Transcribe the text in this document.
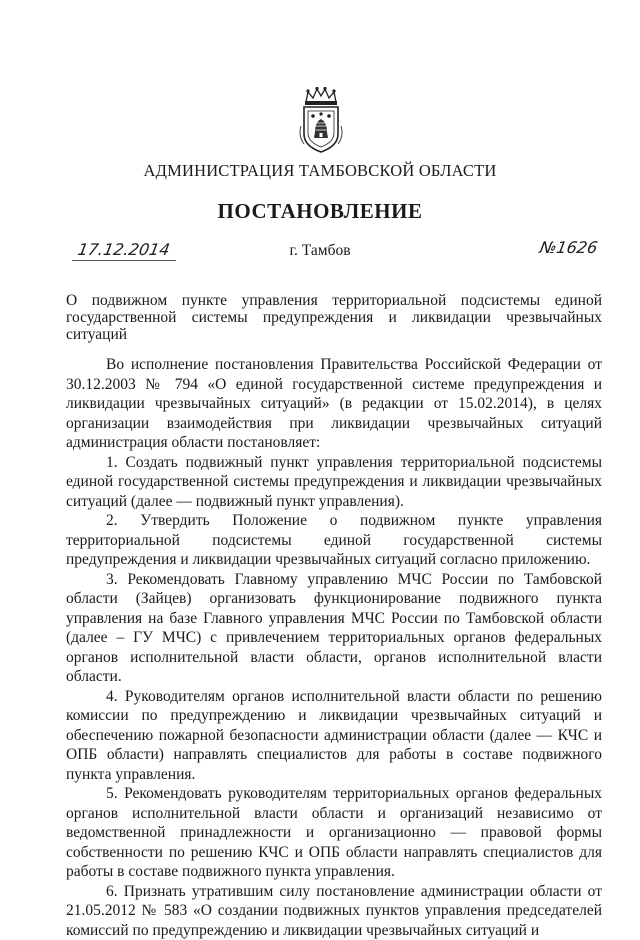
АДМИНИСТРАЦИЯ ТАМБОВСКОЙ ОБЛАСТИ
ПОСТАНОВЛЕНИЕ
17.12.2014	г. Тамбов	№1626
О подвижном пункте управления территориальной подсистемы единой государственной системы предупреждения и ликвидации чрезвычайных ситуаций

Во исполнение постановления Правительства Российской Федерации от 30.12.2003 № 794 «О единой государственной системе предупреждения и ликвидации чрезвычайных ситуаций» (в редакции от 15.02.2014), в целях организации взаимодействия при ликвидации чрезвычайных ситуаций администрация области постановляет:

1. Создать подвижный пункт управления территориальной подсистемы единой государственной системы предупреждения и ликвидации чрезвычайных ситуаций (далее — подвижный пункт управления).

2. Утвердить Положение о подвижном пункте управления территориальной подсистемы единой государственной системы предупреждения и ликвидации чрезвычайных ситуаций согласно приложению.

3. Рекомендовать Главному управлению МЧС России по Тамбовской области (Зайцев) организовать функционирование подвижного пункта управления на базе Главного управления МЧС России по Тамбовской области (далее – ГУ МЧС) с привлечением территориальных органов федеральных органов исполнительной власти области, органов исполнительной власти области.

4. Руководителям органов исполнительной власти области по решению комиссии по предупреждению и ликвидации чрезвычайных ситуаций и обеспечению пожарной безопасности администрации области (далее — КЧС и ОПБ области) направлять специалистов для работы в составе подвижного пункта управления.

5. Рекомендовать руководителям территориальных органов федеральных органов исполнительной власти области и организаций независимо от ведомственной принадлежности и организационно — правовой формы собственности по решению КЧС и ОПБ области направлять специалистов для работы в составе подвижного пункта управления.

6. Признать утратившим силу постановление администрации области от 21.05.2012 № 583 «О создании подвижных пунктов управления председателей комиссий по предупреждению и ликвидации чрезвычайных ситуаций и
